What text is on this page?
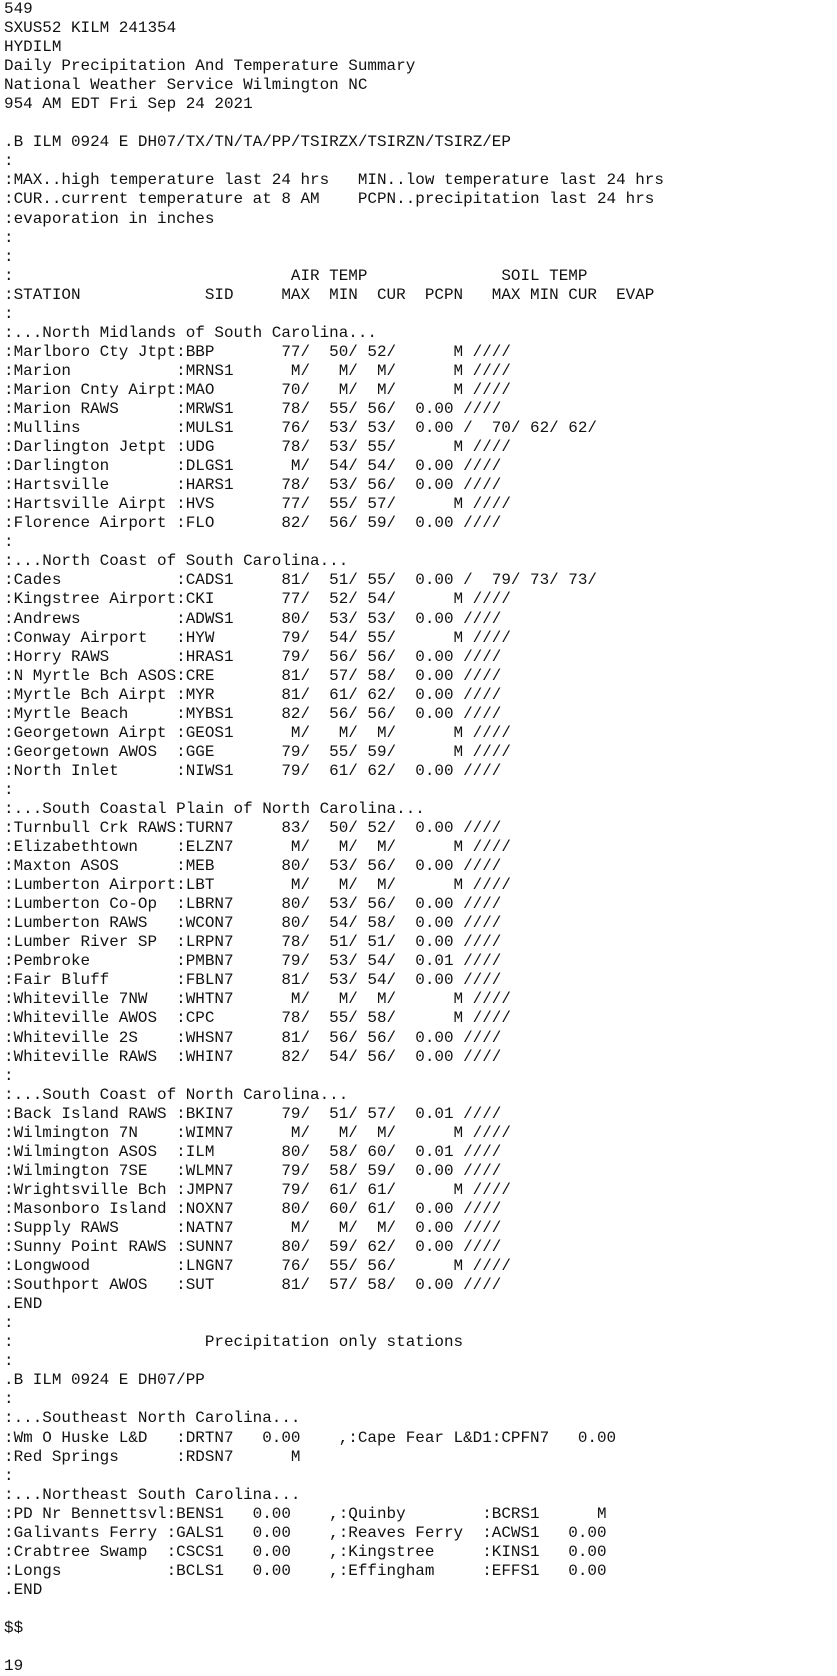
549
SXUS52 KILM 241354
HYDILM
Daily Precipitation And Temperature Summary
National Weather Service Wilmington NC
954 AM EDT Fri Sep 24 2021
.B ILM 0924 E DH07/TX/TN/TA/PP/TSIRZX/TSIRZN/TSIRZ/EP
:
:MAX..high temperature last 24 hrs   MIN..low temperature last 24 hrs
:CUR..current temperature at 8 AM    PCPN..precipitation last 24 hrs
:evaporation in inches
:
:
:                             AIR TEMP              SOIL TEMP
:STATION             SID     MAX  MIN  CUR  PCPN   MAX MIN CUR  EVAP
:
:...North Midlands of South Carolina...
:Marlboro Cty Jtpt:BBP       77/  50/ 52/      M ////
:Marion           :MRNS1      M/   M/  M/      M ////
:Marion Cnty Airpt:MAO       70/   M/  M/      M ////
:Marion RAWS      :MRWS1     78/  55/ 56/  0.00 ////
:Mullins          :MULS1     76/  53/ 53/  0.00 /  70/ 62/ 62/
:Darlington Jetpt :UDG       78/  53/ 55/      M ////
:Darlington       :DLGS1      M/  54/ 54/  0.00 ////
:Hartsville       :HARS1     78/  53/ 56/  0.00 ////
:Hartsville Airpt :HVS       77/  55/ 57/      M ////
:Florence Airport :FLO       82/  56/ 59/  0.00 ////
:
:...North Coast of South Carolina...
:Cades            :CADS1     81/  51/ 55/  0.00 /  79/ 73/ 73/
:Kingstree Airport:CKI       77/  52/ 54/      M ////
:Andrews          :ADWS1     80/  53/ 53/  0.00 ////
:Conway Airport   :HYW       79/  54/ 55/      M ////
:Horry RAWS       :HRAS1     79/  56/ 56/  0.00 ////
:N Myrtle Bch ASOS:CRE       81/  57/ 58/  0.00 ////
:Myrtle Bch Airpt :MYR       81/  61/ 62/  0.00 ////
:Myrtle Beach     :MYBS1     82/  56/ 56/  0.00 ////
:Georgetown Airpt :GEOS1      M/   M/  M/      M ////
:Georgetown AWOS  :GGE       79/  55/ 59/      M ////
:North Inlet      :NIWS1     79/  61/ 62/  0.00 ////
:
:...South Coastal Plain of North Carolina...
:Turnbull Crk RAWS:TURN7     83/  50/ 52/  0.00 ////
:Elizabethtown    :ELZN7      M/   M/  M/      M ////
:Maxton ASOS      :MEB       80/  53/ 56/  0.00 ////
:Lumberton Airport:LBT        M/   M/  M/      M ////
:Lumberton Co-Op  :LBRN7     80/  53/ 56/  0.00 ////
:Lumberton RAWS   :WCON7     80/  54/ 58/  0.00 ////
:Lumber River SP  :LRPN7     78/  51/ 51/  0.00 ////
:Pembroke         :PMBN7     79/  53/ 54/  0.01 ////
:Fair Bluff       :FBLN7     81/  53/ 54/  0.00 ////
:Whiteville 7NW   :WHTN7      M/   M/  M/      M ////
:Whiteville AWOS  :CPC       78/  55/ 58/      M ////
:Whiteville 2S    :WHSN7     81/  56/ 56/  0.00 ////
:Whiteville RAWS  :WHIN7     82/  54/ 56/  0.00 ////
:
:...South Coast of North Carolina...
:Back Island RAWS :BKIN7     79/  51/ 57/  0.01 ////
:Wilmington 7N    :WIMN7      M/   M/  M/      M ////
:Wilmington ASOS  :ILM       80/  58/ 60/  0.01 ////
:Wilmington 7SE   :WLMN7     79/  58/ 59/  0.00 ////
:Wrightsville Bch :JMPN7     79/  61/ 61/      M ////
:Masonboro Island :NOXN7     80/  60/ 61/  0.00 ////
:Supply RAWS      :NATN7      M/   M/  M/  0.00 ////
:Sunny Point RAWS :SUNN7     80/  59/ 62/  0.00 ////
:Longwood         :LNGN7     76/  55/ 56/      M ////
:Southport AWOS   :SUT       81/  57/ 58/  0.00 ////
.END
:
:                    Precipitation only stations
:
.B ILM 0924 E DH07/PP
:
:...Southeast North Carolina...
:Wm O Huske L&D   :DRTN7   0.00    ,:Cape Fear L&D1:CPFN7   0.00
:Red Springs      :RDSN7      M
:
:...Northeast South Carolina...
:PD Nr Bennettsvl:BENS1   0.00    ,:Quinby        :BCRS1      M
:Galivants Ferry :GALS1   0.00    ,:Reaves Ferry  :ACWS1   0.00
:Crabtree Swamp  :CSCS1   0.00    ,:Kingstree     :KINS1   0.00
:Longs           :BCLS1   0.00    ,:Effingham     :EFFS1   0.00
.END
$$
19
